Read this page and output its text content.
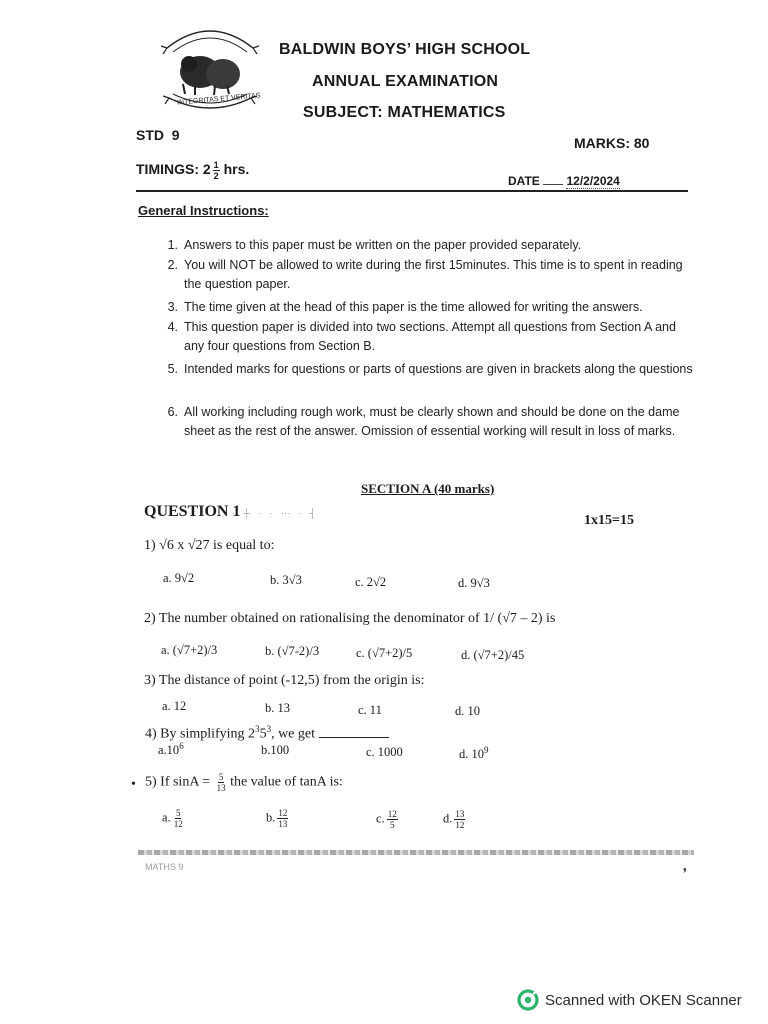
INTEGRITAS ET VERITAS
BALDWIN BOYS’ HIGH SCHOOL
ANNUAL EXAMINATION
SUBJECT: MATHEMATICS
STD 9	MARKS: 80
TIMINGS: $2 \frac{1}{2}$ hrs.
DATE 12/2/2024
General Instructions:
1. Answers to this paper must be written on the paper provided separately.
2. You will NOT be allowed to write during the first 15minutes. This time is to spent in reading the question paper.
3. The time given at the head of this paper is the time allowed for writing the answers.
4. This question paper is divided into two sections. Attempt all questions from Section A and any four questions from Section B.
5. Intended marks for questions or parts of questions are given in brackets along the questions
6. All working including rough work, must be clearly shown and should be done on the dame sheet as the rest of the answer. Omission of essential working will result in loss of marks.
SECTION A (40 marks)
QUESTION 1
· ┼ ∙ · ⋯ ∙ ┤	1x15=15
1) √6 x √27 is equal to:
a. 9√2	b. 3√3	c. 2√2	d. 9√3
2) The number obtained on rationalising the denominator of 1/ (√7 – 2) is
a. (√7+2)/3	b. (√7-2)/3	c. (√7+2)/5	d. (√7+2)/45
3) The distance of point (-12,5) from the origin is:
a. 12	b. 13	c. 11	d. 10
4) By simplifying $2^35^3$, we get
$a.10^6$	b.100	c. 1000	d. $10^9$
• 5) If $\sin A = \frac{5}{13}$ the value of tanA is:
a. $\frac{5}{12}$	b. $\frac{12}{13}$	c. $\frac{12}{5}$	d. $\frac{13}{12}$
MATHS 9	❜
Scanned with OKEN Scanner
